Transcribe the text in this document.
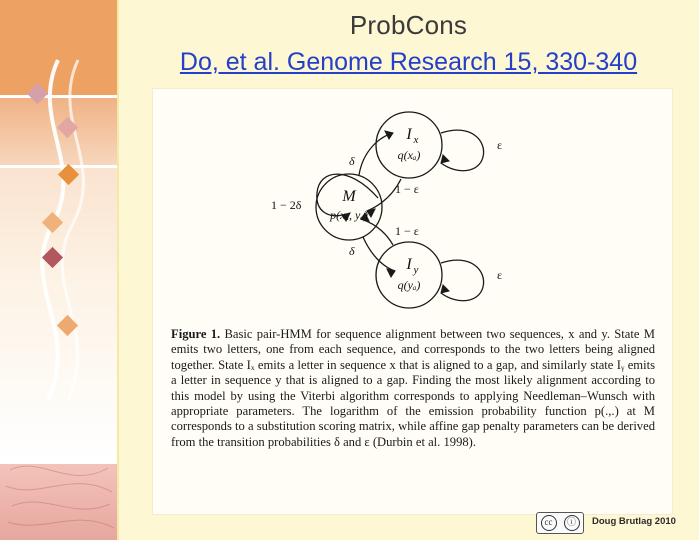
ProbCons
Do, et al. Genome Research 15, 330-340
I x
q(xₐ)
M
p(xₐ, yₐ)
I y
q(yₐ)
1 − 2δ
δ
1 − ε
δ
1 − ε
ε
ε
Figure 1. Basic pair-HMM for sequence alignment between two sequences, x and y. State M emits two letters, one from each sequence, and corresponds to the two letters being aligned together. State Iₓ emits a letter in sequence x that is aligned to a gap, and similarly state Iᵧ emits a letter in sequence y that is aligned to a gap. Finding the most likely alignment according to this model by using the Viterbi algorithm corresponds to applying Needleman–Wunsch with appropriate parameters. The logarithm of the emission probability function p(.,.) at M corresponds to a substitution scoring matrix, while affine gap penalty parameters can be derived from the transition probabilities δ and ε (Durbin et al. 1998).
cc	ⓘ	Doug Brutlag 2010
